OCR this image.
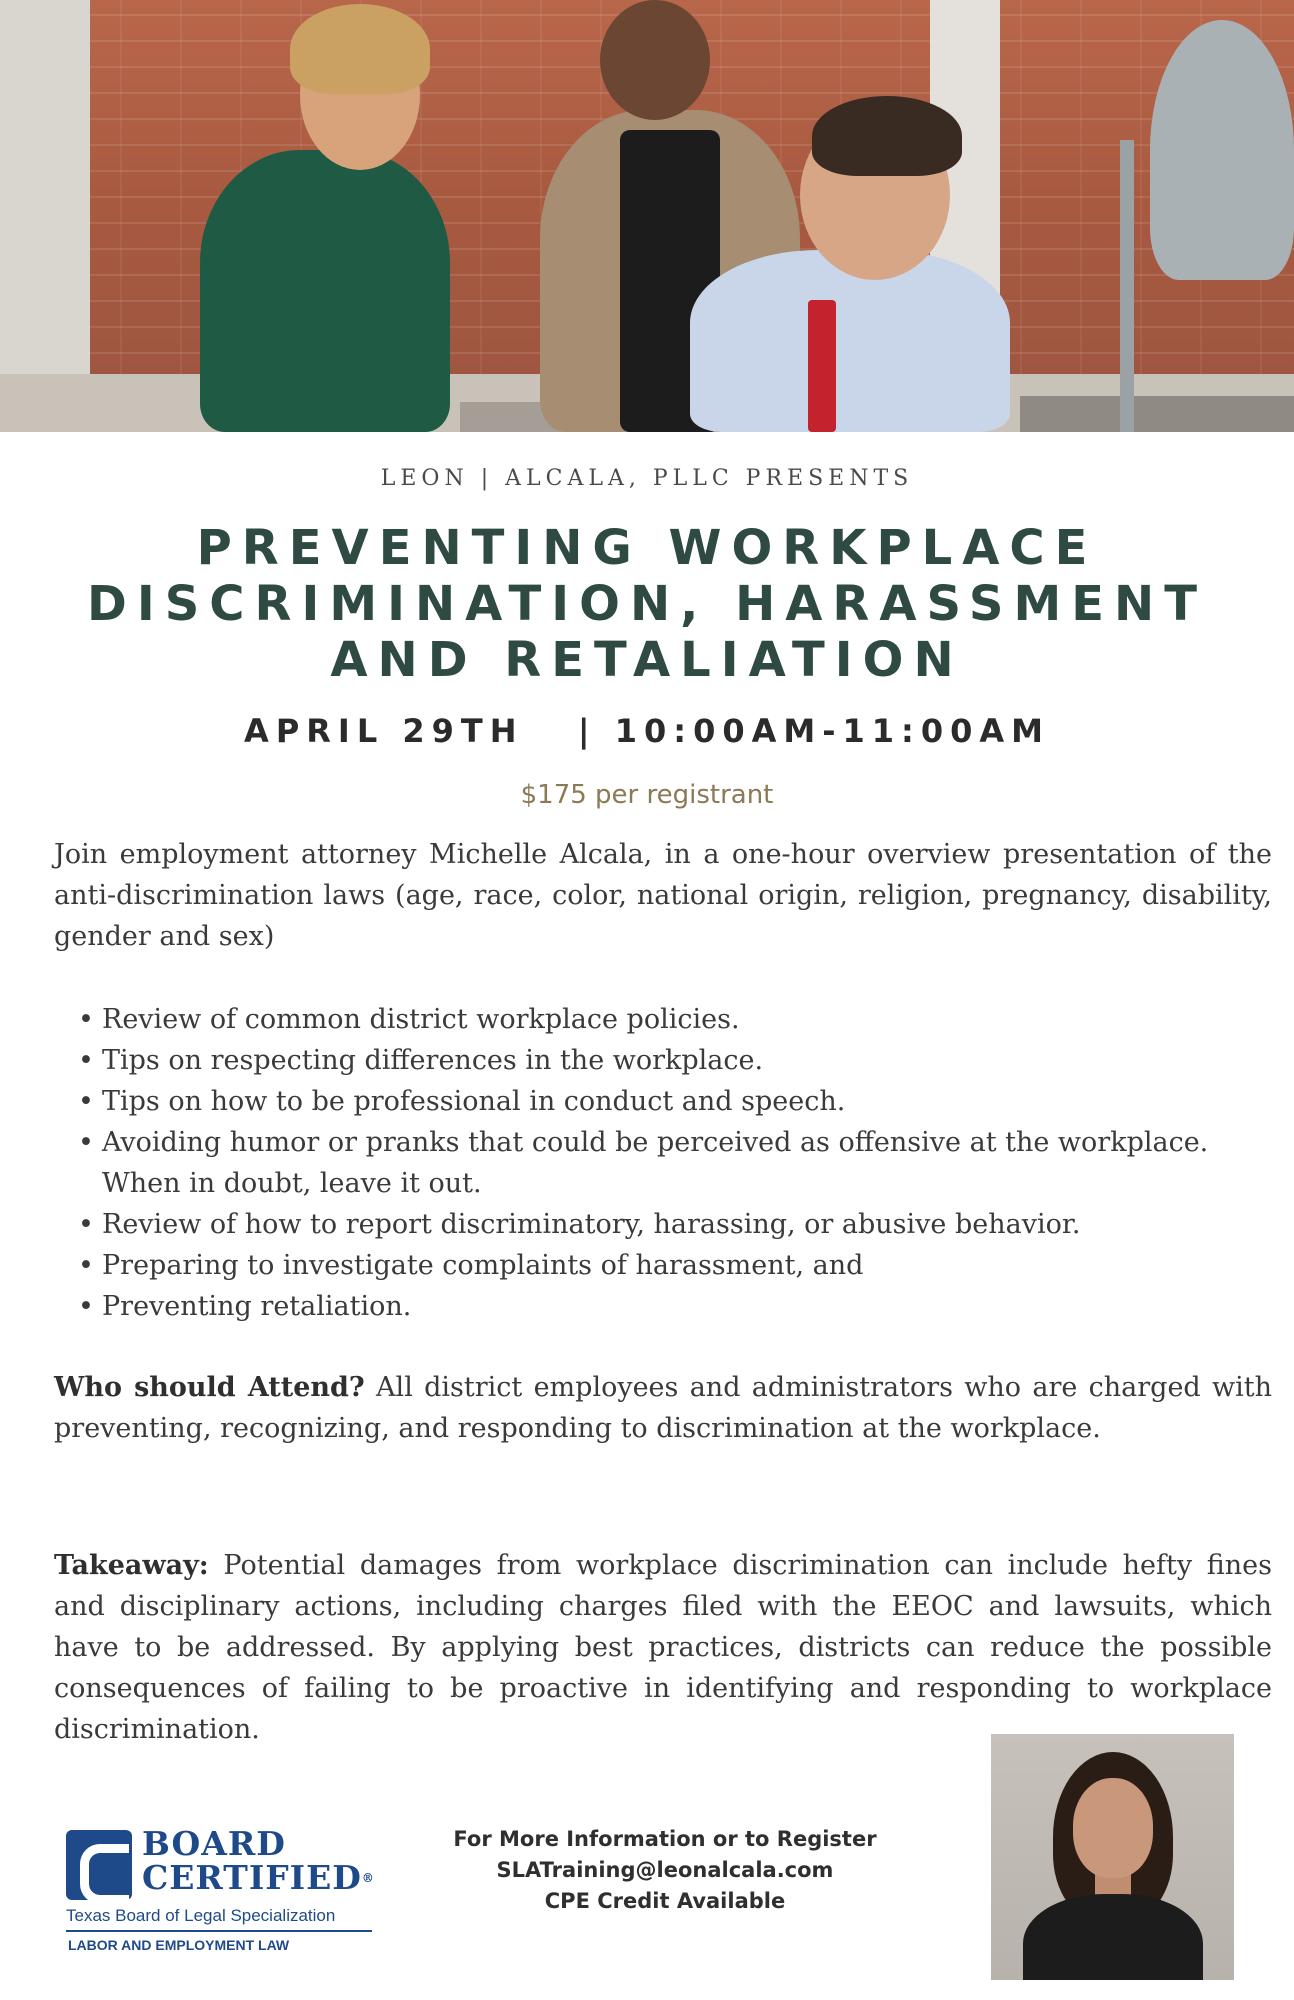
LEON | ALCALA, PLLC PRESENTS
PREVENTING WORKPLACE
DISCRIMINATION, HARASSMENT
AND RETALIATION
APRIL 29TH | 10:00AM-11:00AM
$175 per registrant

Join employment attorney Michelle Alcala, in a one-hour overview presentation of the anti-discrimination laws (age, race, color, national origin, religion, pregnancy, disability, gender and sex)

• Review of common district workplace policies.
• Tips on respecting differences in the workplace.
• Tips on how to be professional in conduct and speech.
• Avoiding humor or pranks that could be perceived as offensive at the workplace. When in doubt, leave it out.
• Review of how to report discriminatory, harassing, or abusive behavior.
• Preparing to investigate complaints of harassment, and
• Preventing retaliation.

Who should Attend? All district employees and administrators who are charged with preventing, recognizing, and responding to discrimination at the workplace.

Takeaway: Potential damages from workplace discrimination can include hefty fines and disciplinary actions, including charges filed with the EEOC and lawsuits, which have to be addressed. By applying best practices, districts can reduce the possible consequences of failing to be proactive in identifying and responding to workplace discrimination.

BOARD
CERTIFIED®
Texas Board of Legal Specialization
LABOR AND EMPLOYMENT LAW
For More Information or to Register
SLATraining@leonalcala.com
CPE Credit Available
